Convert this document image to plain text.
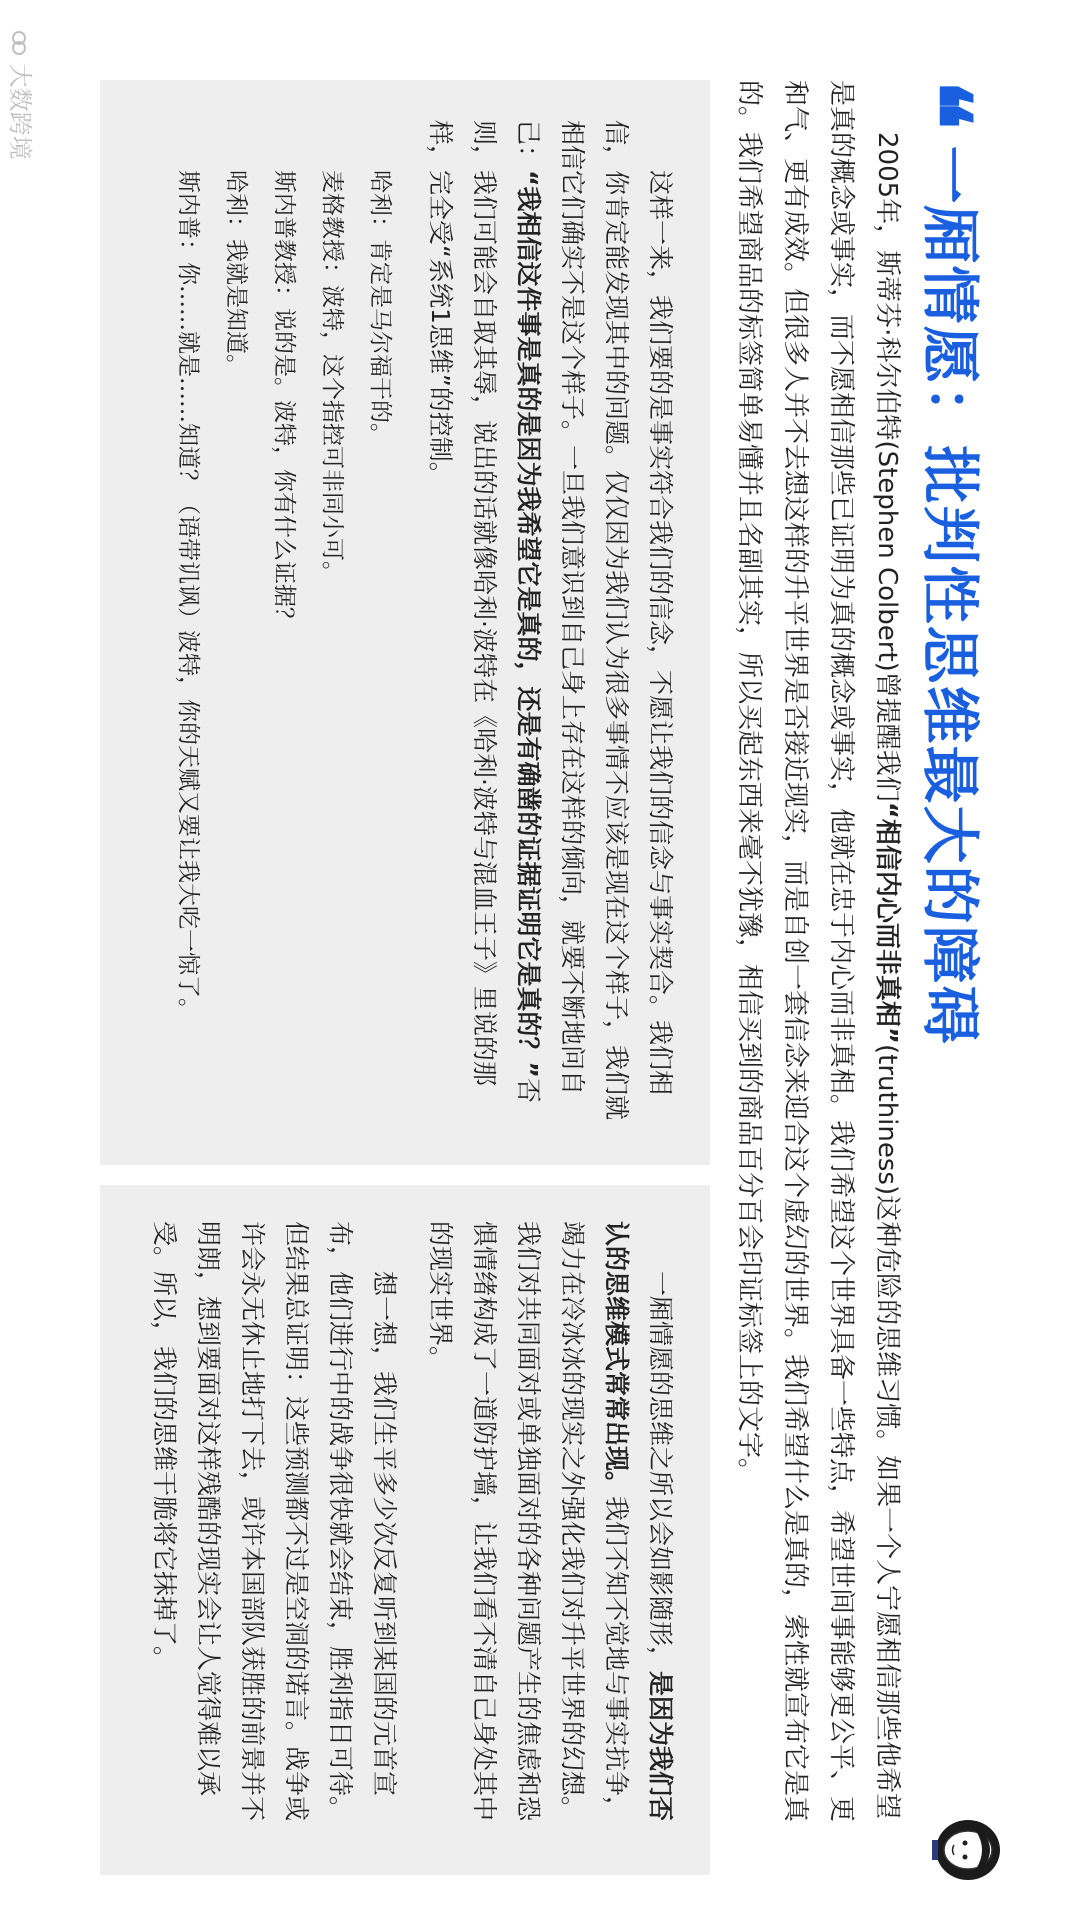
❝
一厢情愿：批判性思维最大的障碍

2005年，斯蒂芬·科尔伯特(Stephen Colbert)曾提醒我们“相信内心而非真相”(truthiness)这种危险的思维习惯。如果一个人宁愿相信那些他希望是真的概念或事实，而不愿相信那些已证明为真的概念或事实，他就在忠于内心而非真相。我们希望这个世界具备一些特点，希望世间事能够更公平、更和气、更有成效。但很多人并不去想这样的升平世界是否接近现实，而是自创一套信念来迎合这个虚幻的世界。我们希望什么是真的，索性就宣布它是真的。我们希望商品的标签简单易懂并且名副其实，所以买起东西来毫不犹豫，相信买到的商品百分百会印证标签上的文字。

这样一来，我们要的是事实符合我们的信念，不愿让我们的信念与事实契合。我们相信，你肯定能发现其中的问题。仅仅因为我们认为很多事情不应该是现在这个样子，我们就相信它们确实不是这个样子。一旦我们意识到自己身上存在这样的倾向，就要不断地问自己：“我相信这件事是真的是因为我希望它是真的，还是有确凿的证据证明它是真的？”否则，我们可能会自取其辱，说出的话就像哈利·波特在《哈利·波特与混血王子》里说的那样，完全受“系统1思维”的控制。

哈利：肯定是马尔福干的。

麦格教授：波特，这个指控可非同小可。

斯内普教授：说的是。波特，你有什么证据？

哈利：我就是知道。

斯内普：你……就是……知道？（语带讥讽）波特，你的天赋又要让我大吃一惊了。

一厢情愿的思维之所以会如影随形，是因为我们否认的思维模式常常出现。我们不知不觉地与事实抗争，竭力在冷冰冰的现实之外强化我们对升平世界的幻想。我们对共同面对或单独面对的各种问题产生的焦虑和恐惧情绪构成了一道防护墙，让我们看不清自己身处其中的现实世界。

想一想，我们生平多少次反复听到某国的元首宣布，他们进行中的战争很快就会结束，胜利指日可待。但结果总证明：这些预测都不过是空洞的诺言。战争或许会永无休止地打下去，或许本国部队获胜的前景并不明朗，想到要面对这样残酷的现实会让人觉得难以承受。所以，我们的思维干脆将它抹掉了。

大数跨境
